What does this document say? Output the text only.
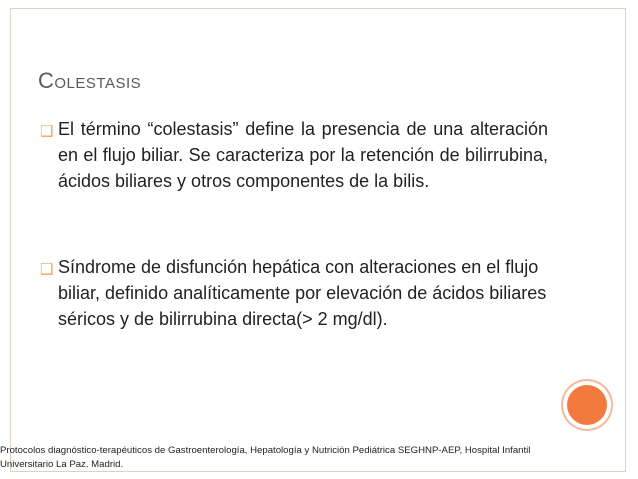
Colestasis
❑ El término “colestasis” define la presencia de una alteración en el flujo biliar. Se caracteriza por la retención de bilirrubina, ácidos biliares y otros componentes de la bilis.
❑ Síndrome de disfunción hepática con alteraciones en el flujo biliar, definido analíticamente por elevación de ácidos biliares séricos y de bilirrubina directa(> 2 mg/dl).
Protocolos diagnóstico-terapéuticos de Gastroenterología, Hepatología y Nutrición Pediátrica SEGHNP-AEP, Hospital Infantil Universitario La Paz. Madrid.
